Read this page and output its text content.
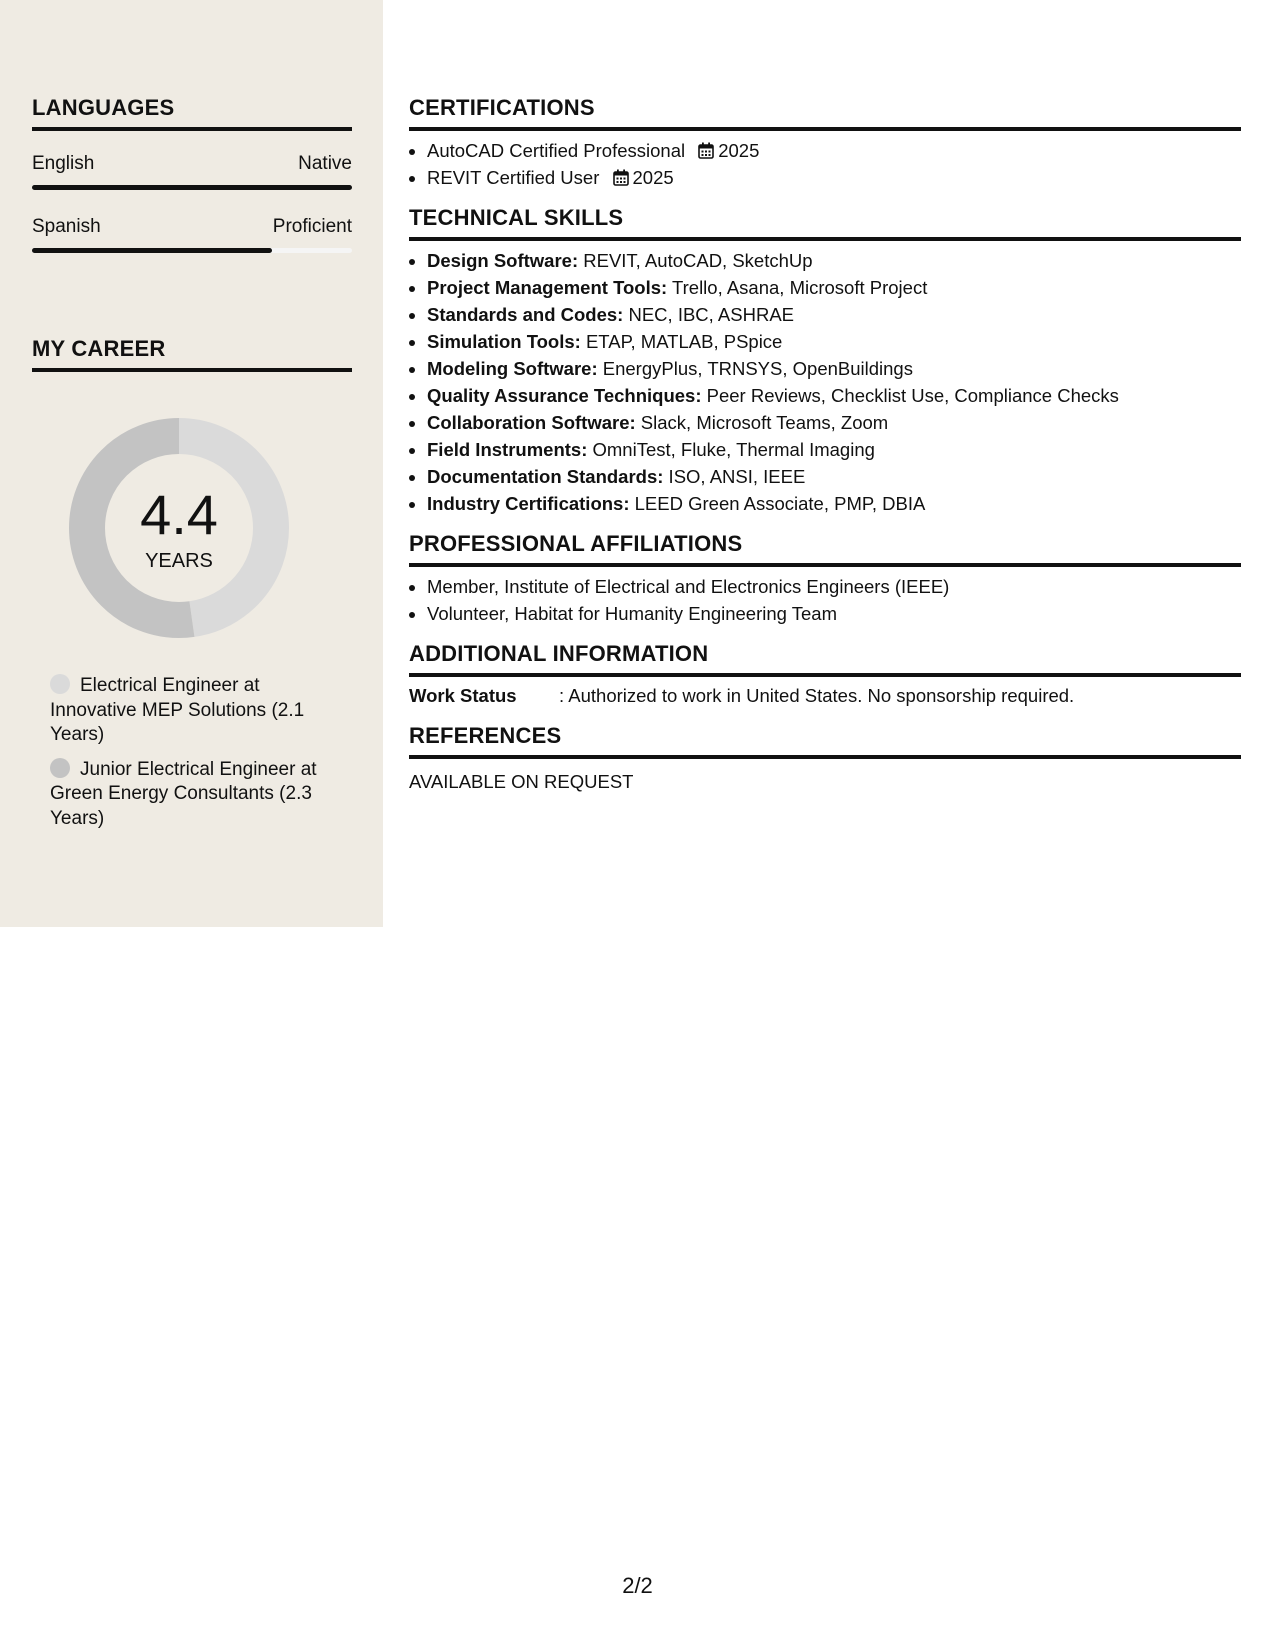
LANGUAGES
English	Native
Spanish	Proficient
MY CAREER
4.4
YEARS
Electrical Engineer at Innovative MEP Solutions (2.1 Years)
Junior Electrical Engineer at Green Energy Consultants (2.3 Years)
CERTIFICATIONS
• AutoCAD Certified Professional 2025
• REVIT Certified User 2025
TECHNICAL SKILLS
• Design Software: REVIT, AutoCAD, SketchUp
• Project Management Tools: Trello, Asana, Microsoft Project
• Standards and Codes: NEC, IBC, ASHRAE
• Simulation Tools: ETAP, MATLAB, PSpice
• Modeling Software: EnergyPlus, TRNSYS, OpenBuildings
• Quality Assurance Techniques: Peer Reviews, Checklist Use, Compliance Checks
• Collaboration Software: Slack, Microsoft Teams, Zoom
• Field Instruments: OmniTest, Fluke, Thermal Imaging
• Documentation Standards: ISO, ANSI, IEEE
• Industry Certifications: LEED Green Associate, PMP, DBIA
PROFESSIONAL AFFILIATIONS
• Member, Institute of Electrical and Electronics Engineers (IEEE)
• Volunteer, Habitat for Humanity Engineering Team
ADDITIONAL INFORMATION
Work Status	: Authorized to work in United States. No sponsorship required.
REFERENCES
AVAILABLE ON REQUEST
2/2
